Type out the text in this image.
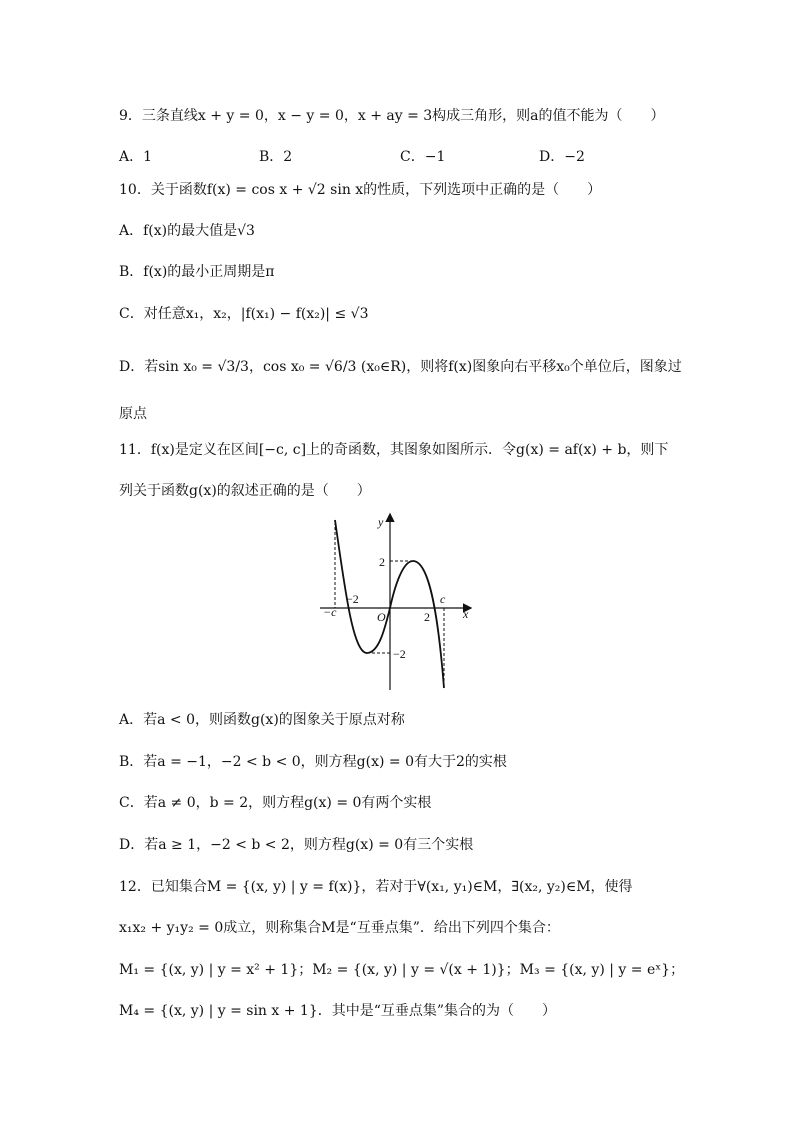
9．三条直线x + y = 0，x − y = 0，x + ay = 3构成三角形，则a的值不能为（　　）
A．1	B．2	C．−1	D．−2
10．关于函数f(x) = cos x + √2 sin x的性质，下列选项中正确的是（　　）
A．f(x)的最大值是√3
B．f(x)的最小正周期是π
C．对任意x₁，x₂，|f(x₁) − f(x₂)| ≤ √3
D．若sin x₀ = √3/3，cos x₀ = √6/3 (x₀∈R)，则将f(x)图象向右平移x₀个单位后，图象过
原点
11．f(x)是定义在区间[−c, c]上的奇函数，其图象如图所示．令g(x) = af(x) + b，则下
列关于函数g(x)的叙述正确的是（　　）
y
x
O
2
−2
−c
−2
2
c
A．若a < 0，则函数g(x)的图象关于原点对称
B．若a = −1，−2 < b < 0，则方程g(x) = 0有大于2的实根
C．若a ≠ 0，b = 2，则方程g(x) = 0有两个实根
D．若a ≥ 1，−2 < b < 2，则方程g(x) = 0有三个实根
12．已知集合M = {(x, y) | y = f(x)}，若对于∀(x₁, y₁)∈M，∃(x₂, y₂)∈M，使得
x₁x₂ + y₁y₂ = 0成立，则称集合M是“互垂点集”．给出下列四个集合：
M₁ = {(x, y) | y = x² + 1}；M₂ = {(x, y) | y = √(x + 1)}；M₃ = {(x, y) | y = eˣ}；
M₄ = {(x, y) | y = sin x + 1}．其中是“互垂点集”集合的为（　　）
